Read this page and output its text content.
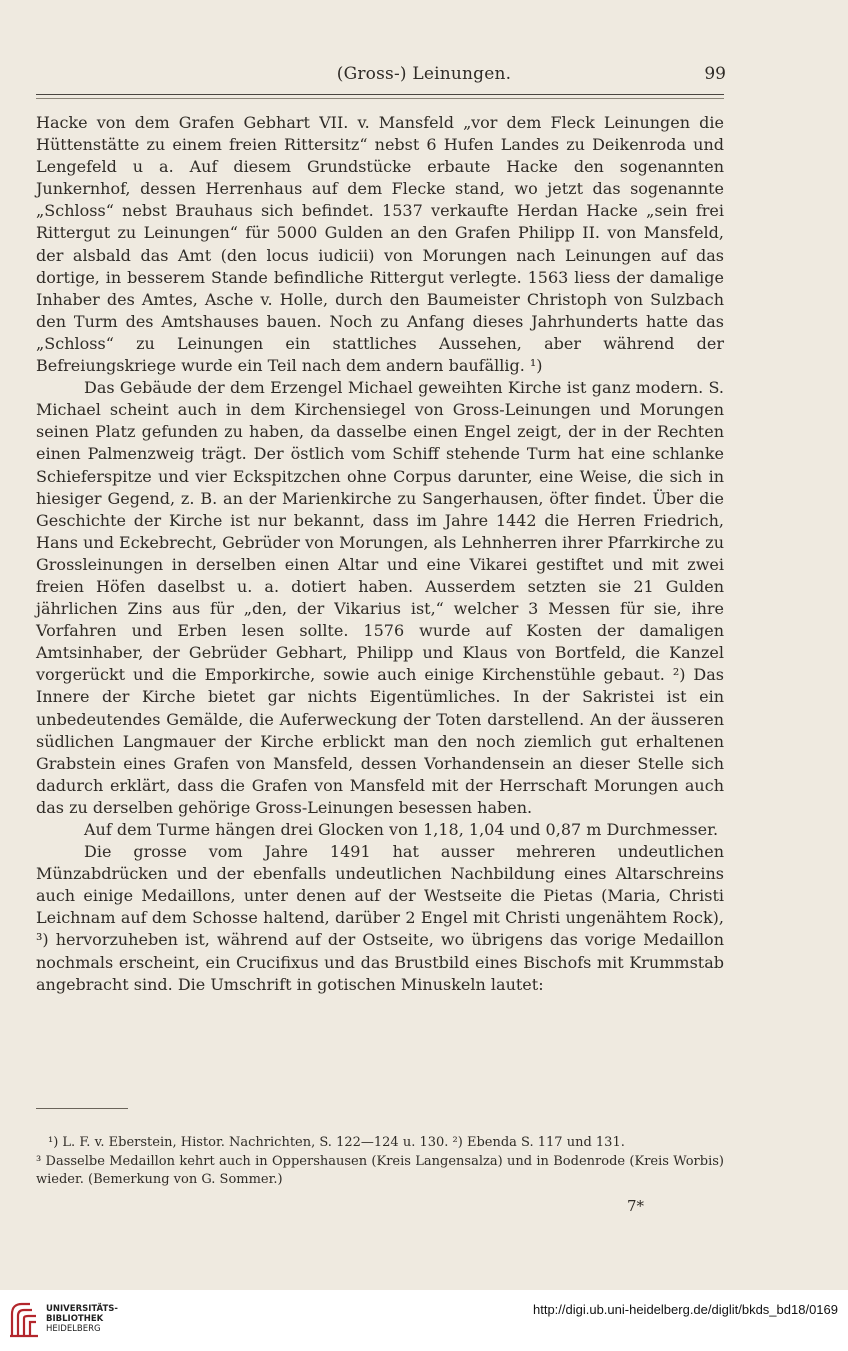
(Gross-) Leinungen.	99

Hacke von dem Grafen Gebhart VII. v. Mansfeld „vor dem Fleck Leinungen die Hüttenstätte zu einem freien Rittersitz“ nebst 6 Hufen Landes zu Deikenroda und Lengefeld u a. Auf diesem Grundstücke erbaute Hacke den sogenannten Junkernhof, dessen Herrenhaus auf dem Flecke stand, wo jetzt das sogenannte „Schloss“ nebst Brauhaus sich befindet. 1537 verkaufte Herdan Hacke „sein frei Rittergut zu Leinungen“ für 5000 Gulden an den Grafen Philipp II. von Mansfeld, der alsbald das Amt (den locus iudicii) von Morungen nach Leinungen auf das dortige, in besserem Stande befindliche Rittergut verlegte. 1563 liess der damalige Inhaber des Amtes, Asche v. Holle, durch den Baumeister Christoph von Sulzbach den Turm des Amtshauses bauen. Noch zu Anfang dieses Jahrhunderts hatte das „Schloss“ zu Leinungen ein stattliches Aussehen, aber während der Befreiungskriege wurde ein Teil nach dem andern baufällig. ¹)

Das Gebäude der dem Erzengel Michael geweihten Kirche ist ganz modern. S. Michael scheint auch in dem Kirchensiegel von Gross-Leinungen und Morungen seinen Platz gefunden zu haben, da dasselbe einen Engel zeigt, der in der Rechten einen Palmenzweig trägt. Der östlich vom Schiff stehende Turm hat eine schlanke Schieferspitze und vier Eckspitzchen ohne Corpus darunter, eine Weise, die sich in hiesiger Gegend, z. B. an der Marienkirche zu Sangerhausen, öfter findet. Über die Geschichte der Kirche ist nur bekannt, dass im Jahre 1442 die Herren Friedrich, Hans und Eckebrecht, Gebrüder von Morungen, als Lehnherren ihrer Pfarrkirche zu Grossleinungen in derselben einen Altar und eine Vikarei gestiftet und mit zwei freien Höfen daselbst u. a. dotiert haben. Ausserdem setzten sie 21 Gulden jährlichen Zins aus für „den, der Vikarius ist,“ welcher 3 Messen für sie, ihre Vorfahren und Erben lesen sollte. 1576 wurde auf Kosten der damaligen Amtsinhaber, der Gebrüder Gebhart, Philipp und Klaus von Bortfeld, die Kanzel vorgerückt und die Emporkirche, sowie auch einige Kirchenstühle gebaut. ²) Das Innere der Kirche bietet gar nichts Eigentümliches. In der Sakristei ist ein unbedeutendes Gemälde, die Auferweckung der Toten darstellend. An der äusseren südlichen Langmauer der Kirche erblickt man den noch ziemlich gut erhaltenen Grabstein eines Grafen von Mansfeld, dessen Vorhandensein an dieser Stelle sich dadurch erklärt, dass die Grafen von Mansfeld mit der Herrschaft Morungen auch das zu derselben gehörige Gross-Leinungen besessen haben.

Auf dem Turme hängen drei Glocken von 1,18, 1,04 und 0,87 m Durchmesser.

Die grosse vom Jahre 1491 hat ausser mehreren undeutlichen Münzabdrücken und der ebenfalls undeutlichen Nachbildung eines Altarschreins auch einige Medaillons, unter denen auf der Westseite die Pietas (Maria, Christi Leichnam auf dem Schosse haltend, darüber 2 Engel mit Christi ungenähtem Rock), ³) hervorzuheben ist, während auf der Ostseite, wo übrigens das vorige Medaillon nochmals erscheint, ein Crucifixus und das Brustbild eines Bischofs mit Krummstab angebracht sind. Die Umschrift in gotischen Minuskeln lautet:

¹) L. F. v. Eberstein, Histor. Nachrichten, S. 122—124 u. 130. ²) Ebenda S. 117 und 131.

³ Dasselbe Medaillon kehrt auch in Oppershausen (Kreis Langensalza) und in Bodenrode (Kreis Worbis) wieder. (Bemerkung von G. Sommer.)

7*
UNIVERSITÄTS-
BIBLIOTHEK
HEIDELBERG
http://digi.ub.uni-heidelberg.de/diglit/bkds_bd18/0169
